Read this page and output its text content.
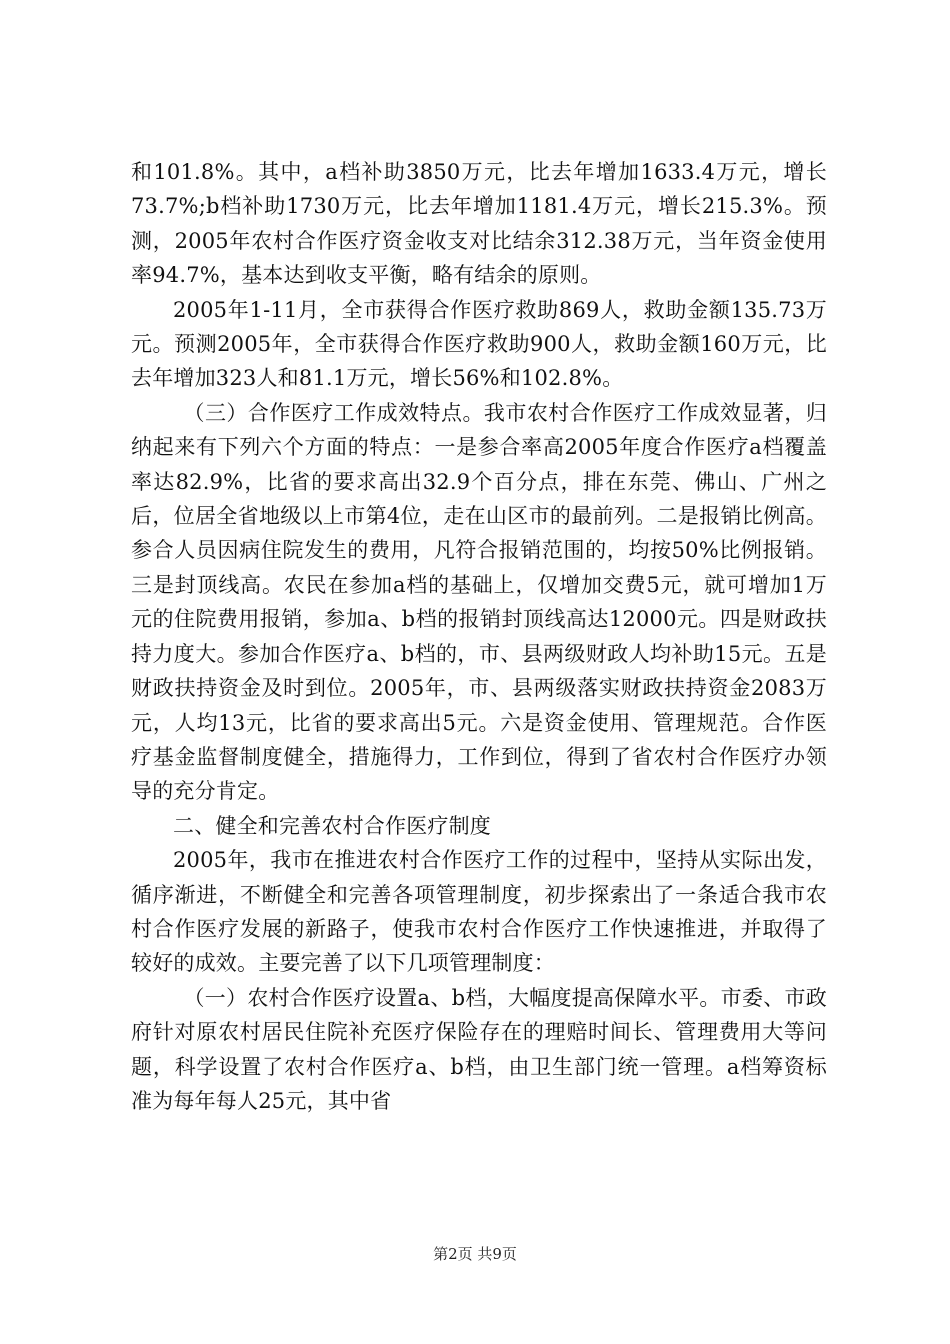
和101.8%。其中，a档补助3850万元，比去年增加1633.4万元，增长73.7%;b档补助1730万元，比去年增加1181.4万元，增长215.3%。预测，2005年农村合作医疗资金收支对比结余312.38万元，当年资金使用率94.7%，基本达到收支平衡，略有结余的原则。

2005年1-11月，全市获得合作医疗救助869人，救助金额135.73万元。预测2005年，全市获得合作医疗救助900人，救助金额160万元，比去年增加323人和81.1万元，增长56%和102.8%。

（三）合作医疗工作成效特点。我市农村合作医疗工作成效显著，归纳起来有下列六个方面的特点：一是参合率高2005年度合作医疗a档覆盖率达82.9%，比省的要求高出32.9个百分点，排在东莞、佛山、广州之后，位居全省地级以上市第4位，走在山区市的最前列。二是报销比例高。参合人员因病住院发生的费用，凡符合报销范围的，均按50%比例报销。三是封顶线高。农民在参加a档的基础上，仅增加交费5元，就可增加1万元的住院费用报销，参加a、b档的报销封顶线高达12000元。四是财政扶持力度大。参加合作医疗a、b档的，市、县两级财政人均补助15元。五是财政扶持资金及时到位。2005年，市、县两级落实财政扶持资金2083万元，人均13元，比省的要求高出5元。六是资金使用、管理规范。合作医疗基金监督制度健全，措施得力，工作到位，得到了省农村合作医疗办领导的充分肯定。

二、健全和完善农村合作医疗制度

2005年，我市在推进农村合作医疗工作的过程中，坚持从实际出发，循序渐进，不断健全和完善各项管理制度，初步探索出了一条适合我市农村合作医疗发展的新路子，使我市农村合作医疗工作快速推进，并取得了较好的成效。主要完善了以下几项管理制度：

（一）农村合作医疗设置a、b档，大幅度提高保障水平。市委、市政府针对原农村居民住院补充医疗保险存在的理赔时间长、管理费用大等问题，科学设置了农村合作医疗a、b档，由卫生部门统一管理。a档筹资标准为每年每人25元，其中省

第2页 共9页
